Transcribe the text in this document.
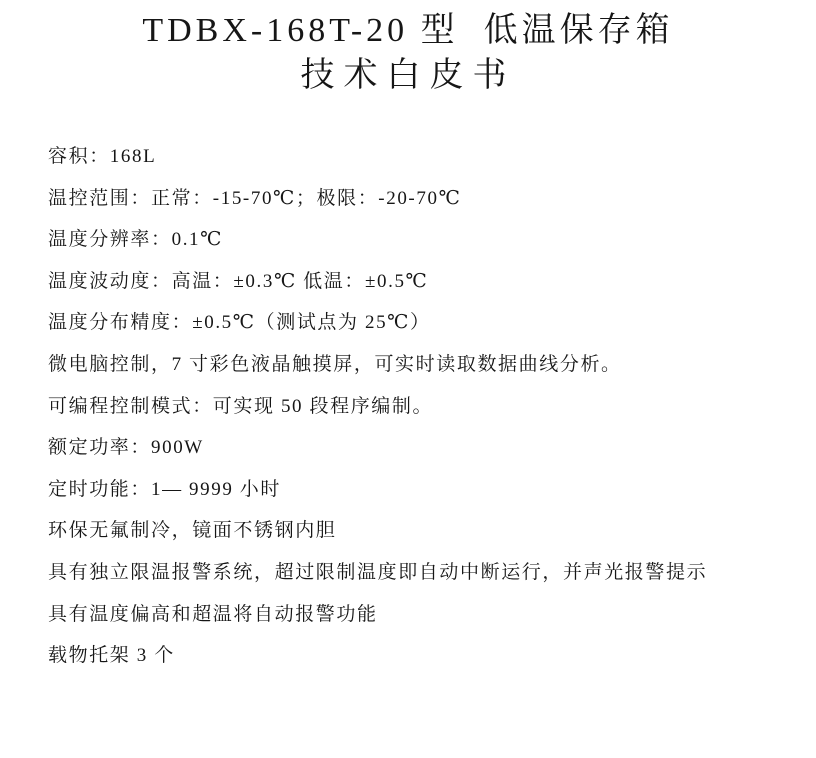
TDBX-168T-20 型  低温保存箱
技术白皮书

容积：168L

温控范围：正常：-15-70℃；极限：-20-70℃

温度分辨率：0.1℃

温度波动度：高温：±0.3℃ 低温：±0.5℃

温度分布精度：±0.5℃（测试点为 25℃）

微电脑控制，7 寸彩色液晶触摸屏，可实时读取数据曲线分析。

可编程控制模式：可实现 50 段程序编制。

额定功率：900W

定时功能：1— 9999 小时

环保无氟制冷，镜面不锈钢内胆

具有独立限温报警系统，超过限制温度即自动中断运行，并声光报警提示

具有温度偏高和超温将自动报警功能

载物托架 3 个
